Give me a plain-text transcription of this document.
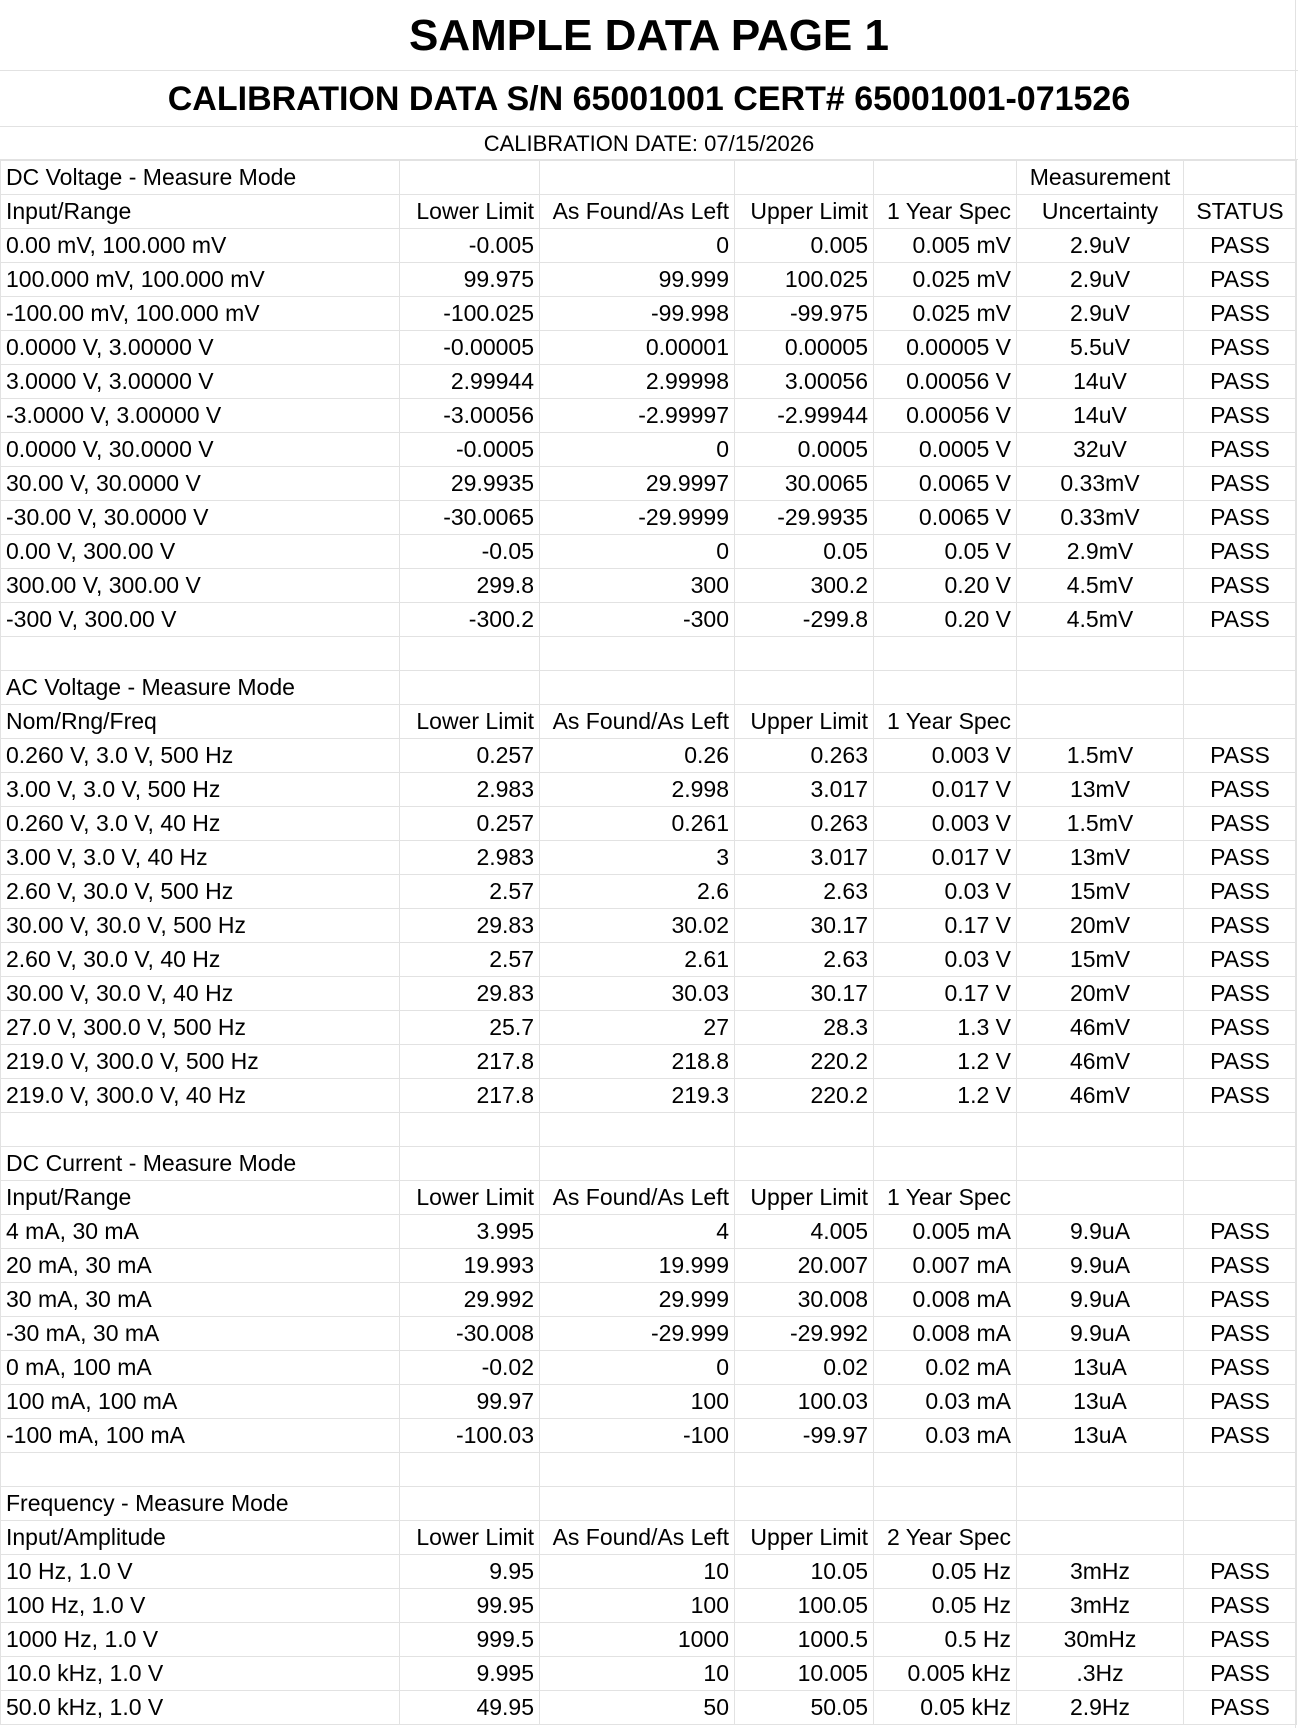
SAMPLE DATA PAGE 1
CALIBRATION DATA S/N 65001001 CERT# 65001001-071526
CALIBRATION DATE: 07/15/2026
DC Voltage - Measure Mode					Measurement	
Input/Range	Lower Limit	As Found/As Left	Upper Limit	1 Year Spec	Uncertainty	STATUS
0.00 mV, 100.000 mV	-0.005	0	0.005	0.005 mV	2.9uV	PASS
100.000 mV, 100.000 mV	99.975	99.999	100.025	0.025 mV	2.9uV	PASS
-100.00 mV, 100.000 mV	-100.025	-99.998	-99.975	0.025 mV	2.9uV	PASS
0.0000 V, 3.00000 V	-0.00005	0.00001	0.00005	0.00005 V	5.5uV	PASS
3.0000 V, 3.00000 V	2.99944	2.99998	3.00056	0.00056 V	14uV	PASS
-3.0000 V, 3.00000 V	-3.00056	-2.99997	-2.99944	0.00056 V	14uV	PASS
0.0000 V, 30.0000 V	-0.0005	0	0.0005	0.0005 V	32uV	PASS
30.00 V, 30.0000 V	29.9935	29.9997	30.0065	0.0065 V	0.33mV	PASS
-30.00 V, 30.0000 V	-30.0065	-29.9999	-29.9935	0.0065 V	0.33mV	PASS
0.00 V, 300.00 V	-0.05	0	0.05	0.05 V	2.9mV	PASS
300.00 V, 300.00 V	299.8	300	300.2	0.20 V	4.5mV	PASS
-300 V, 300.00 V	-300.2	-300	-299.8	0.20 V	4.5mV	PASS

AC Voltage - Measure Mode						
Nom/Rng/Freq	Lower Limit	As Found/As Left	Upper Limit	1 Year Spec		
0.260 V, 3.0 V, 500 Hz	0.257	0.26	0.263	0.003 V	1.5mV	PASS
3.00 V, 3.0 V, 500 Hz	2.983	2.998	3.017	0.017 V	13mV	PASS
0.260 V, 3.0 V, 40 Hz	0.257	0.261	0.263	0.003 V	1.5mV	PASS
3.00 V, 3.0 V, 40 Hz	2.983	3	3.017	0.017 V	13mV	PASS
2.60 V, 30.0 V, 500 Hz	2.57	2.6	2.63	0.03 V	15mV	PASS
30.00 V, 30.0 V, 500 Hz	29.83	30.02	30.17	0.17 V	20mV	PASS
2.60 V, 30.0 V, 40 Hz	2.57	2.61	2.63	0.03 V	15mV	PASS
30.00 V, 30.0 V, 40 Hz	29.83	30.03	30.17	0.17 V	20mV	PASS
27.0 V, 300.0 V, 500 Hz	25.7	27	28.3	1.3 V	46mV	PASS
219.0 V, 300.0 V, 500 Hz	217.8	218.8	220.2	1.2 V	46mV	PASS
219.0 V, 300.0 V, 40 Hz	217.8	219.3	220.2	1.2 V	46mV	PASS

DC Current - Measure Mode						
Input/Range	Lower Limit	As Found/As Left	Upper Limit	1 Year Spec		
4 mA, 30 mA	3.995	4	4.005	0.005 mA	9.9uA	PASS
20 mA, 30 mA	19.993	19.999	20.007	0.007 mA	9.9uA	PASS
30 mA, 30 mA	29.992	29.999	30.008	0.008 mA	9.9uA	PASS
-30 mA, 30 mA	-30.008	-29.999	-29.992	0.008 mA	9.9uA	PASS
0 mA, 100 mA	-0.02	0	0.02	0.02 mA	13uA	PASS
100 mA, 100 mA	99.97	100	100.03	0.03 mA	13uA	PASS
-100 mA, 100 mA	-100.03	-100	-99.97	0.03 mA	13uA	PASS

Frequency - Measure Mode						
Input/Amplitude	Lower Limit	As Found/As Left	Upper Limit	2 Year Spec		
10 Hz, 1.0 V	9.95	10	10.05	0.05 Hz	3mHz	PASS
100 Hz, 1.0 V	99.95	100	100.05	0.05 Hz	3mHz	PASS
1000 Hz, 1.0 V	999.5	1000	1000.5	0.5 Hz	30mHz	PASS
10.0 kHz, 1.0 V	9.995	10	10.005	0.005 kHz	.3Hz	PASS
50.0 kHz, 1.0 V	49.95	50	50.05	0.05 kHz	2.9Hz	PASS
